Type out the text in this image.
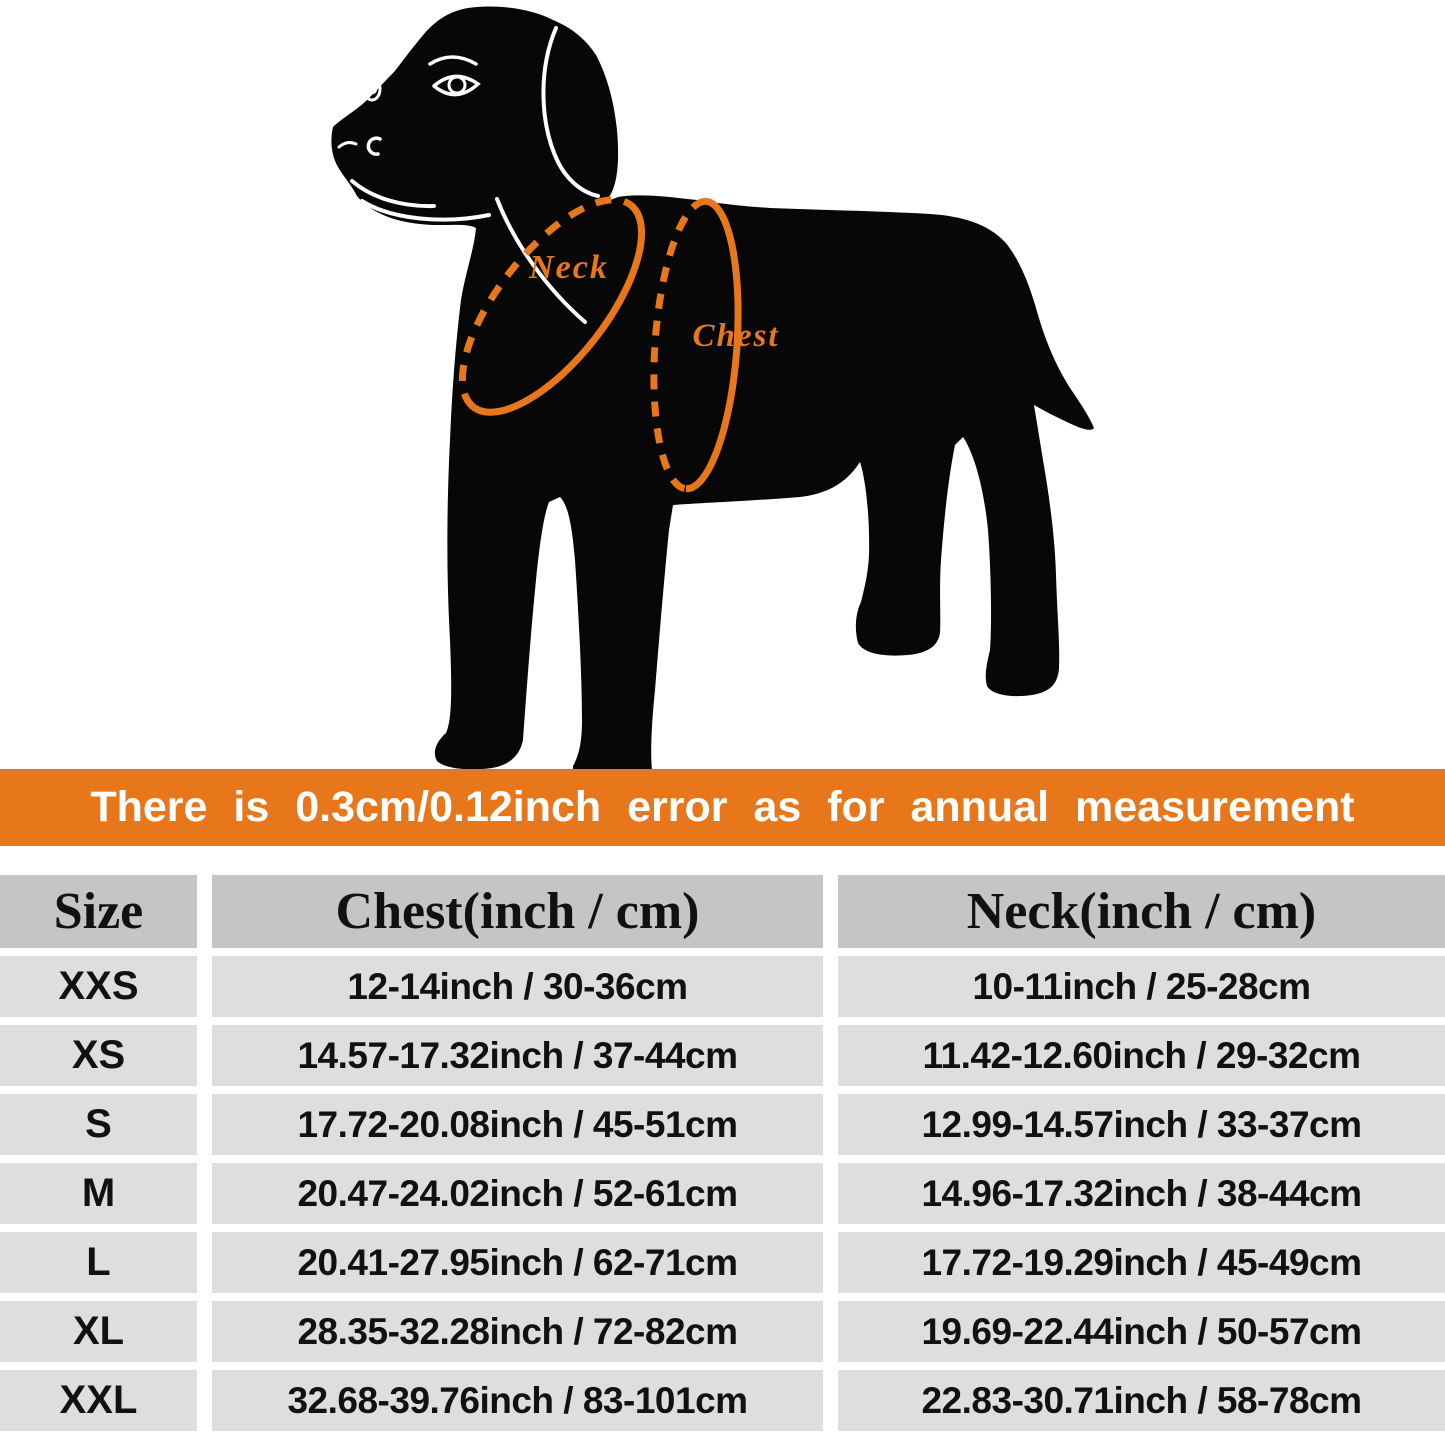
Neck
Chest
There is 0.3cm/0.12inch error as for annual measurement
Size	Chest(inch / cm)	Neck(inch / cm)
XXS	12-14inch / 30-36cm	10-11inch / 25-28cm
XS	14.57-17.32inch / 37-44cm	11.42-12.60inch / 29-32cm
S	17.72-20.08inch / 45-51cm	12.99-14.57inch / 33-37cm
M	20.47-24.02inch / 52-61cm	14.96-17.32inch / 38-44cm
L	20.41-27.95inch / 62-71cm	17.72-19.29inch / 45-49cm
XL	28.35-32.28inch / 72-82cm	19.69-22.44inch / 50-57cm
XXL	32.68-39.76inch / 83-101cm	22.83-30.71inch / 58-78cm
